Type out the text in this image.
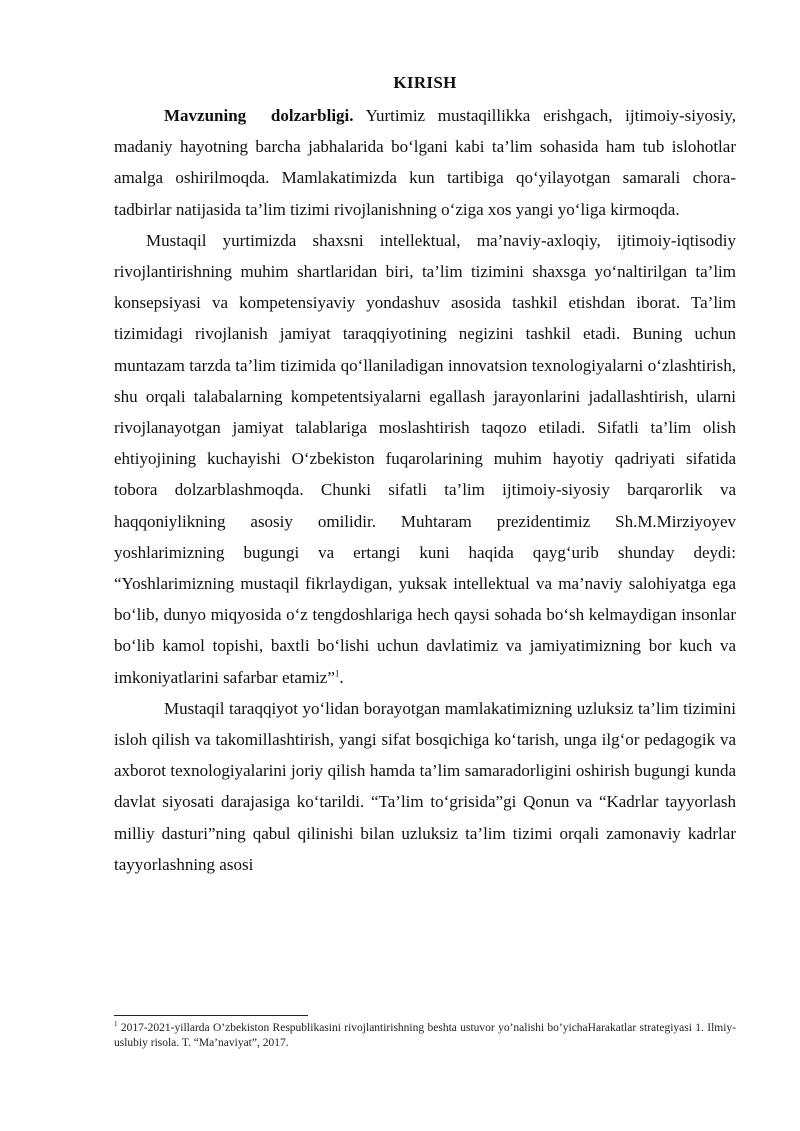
KIRISH

Mavzuning dolzarbligi. Yurtimiz mustaqillikka erishgach, ijtimoiy-siyosiy, madaniy hayotning barcha jabhalarida bo‘lgani kabi ta’lim sohasida ham tub islohotlar amalga oshirilmoqda. Mamlakatimizda kun tartibiga qo‘yilayotgan samarali chora-tadbirlar natijasida ta’lim tizimi rivojlanishning o‘ziga xos yangi yo‘liga kirmoqda.

Mustaqil yurtimizda shaxsni intellektual, ma’naviy-axloqiy, ijtimoiy-iqtisodiy rivojlantirishning muhim shartlaridan biri, ta’lim tizimini shaxsga yo‘naltirilgan ta’lim konsepsiyasi va kompetensiyaviy yondashuv asosida tashkil etishdan iborat. Ta’lim tizimidagi rivojlanish jamiyat taraqqiyotining negizini tashkil etadi. Buning uchun muntazam tarzda ta’lim tizimida qo‘llaniladigan innovatsion texnologiyalarni o‘zlashtirish, shu orqali talabalarning kompetentsiyalarni egallash jarayonlarini jadallashtirish, ularni rivojlanayotgan jamiyat talablariga moslashtirish taqozo etiladi. Sifatli ta’lim olish ehtiyojining kuchayishi O‘zbekiston fuqarolarining muhim hayotiy qadriyati sifatida tobora dolzarblashmoqda. Chunki sifatli ta’lim ijtimoiy-siyosiy barqarorlik va haqqoniylikning asosiy omilidir. Muhtaram prezidentimiz Sh.M.Mirziyoyev yoshlarimizning bugungi va ertangi kuni haqida qayg‘urib shunday deydi: “Yoshlarimizning mustaqil fikrlaydigan, yuksak intellektual va ma’naviy salohiyatga ega bo‘lib, dunyo miqyosida o‘z tengdoshlariga hech qaysi sohada bo‘sh kelmaydigan insonlar bo‘lib kamol topishi, baxtli bo‘lishi uchun davlatimiz va jamiyatimizning bor kuch va imkoniyatlarini safarbar etamiz”$^1$.

Mustaqil taraqqiyot yo‘lidan borayotgan mamlakatimizning uzluksiz ta’lim tizimini isloh qilish va takomillashtirish, yangi sifat bosqichiga ko‘tarish, unga ilg‘or pedagogik va axborot texnologiyalarini joriy qilish hamda ta’lim samaradorligini oshirish bugungi kunda davlat siyosati darajasiga ko‘tarildi. “Ta’lim to‘grisida”gi Qonun va “Kadrlar tayyorlash milliy dasturi”ning qabul qilinishi bilan uzluksiz ta’lim tizimi orqali zamonaviy kadrlar tayyorlashning asosi

$^1$ 2017-2021-yillarda O’zbekiston Respublikasini rivojlantirishning beshta ustuvor yo’nalishi bo’yichaHarakatlar strategiyasi 1. Ilmiy-uslubiy risola. T. “Ma’naviyat”, 2017.
